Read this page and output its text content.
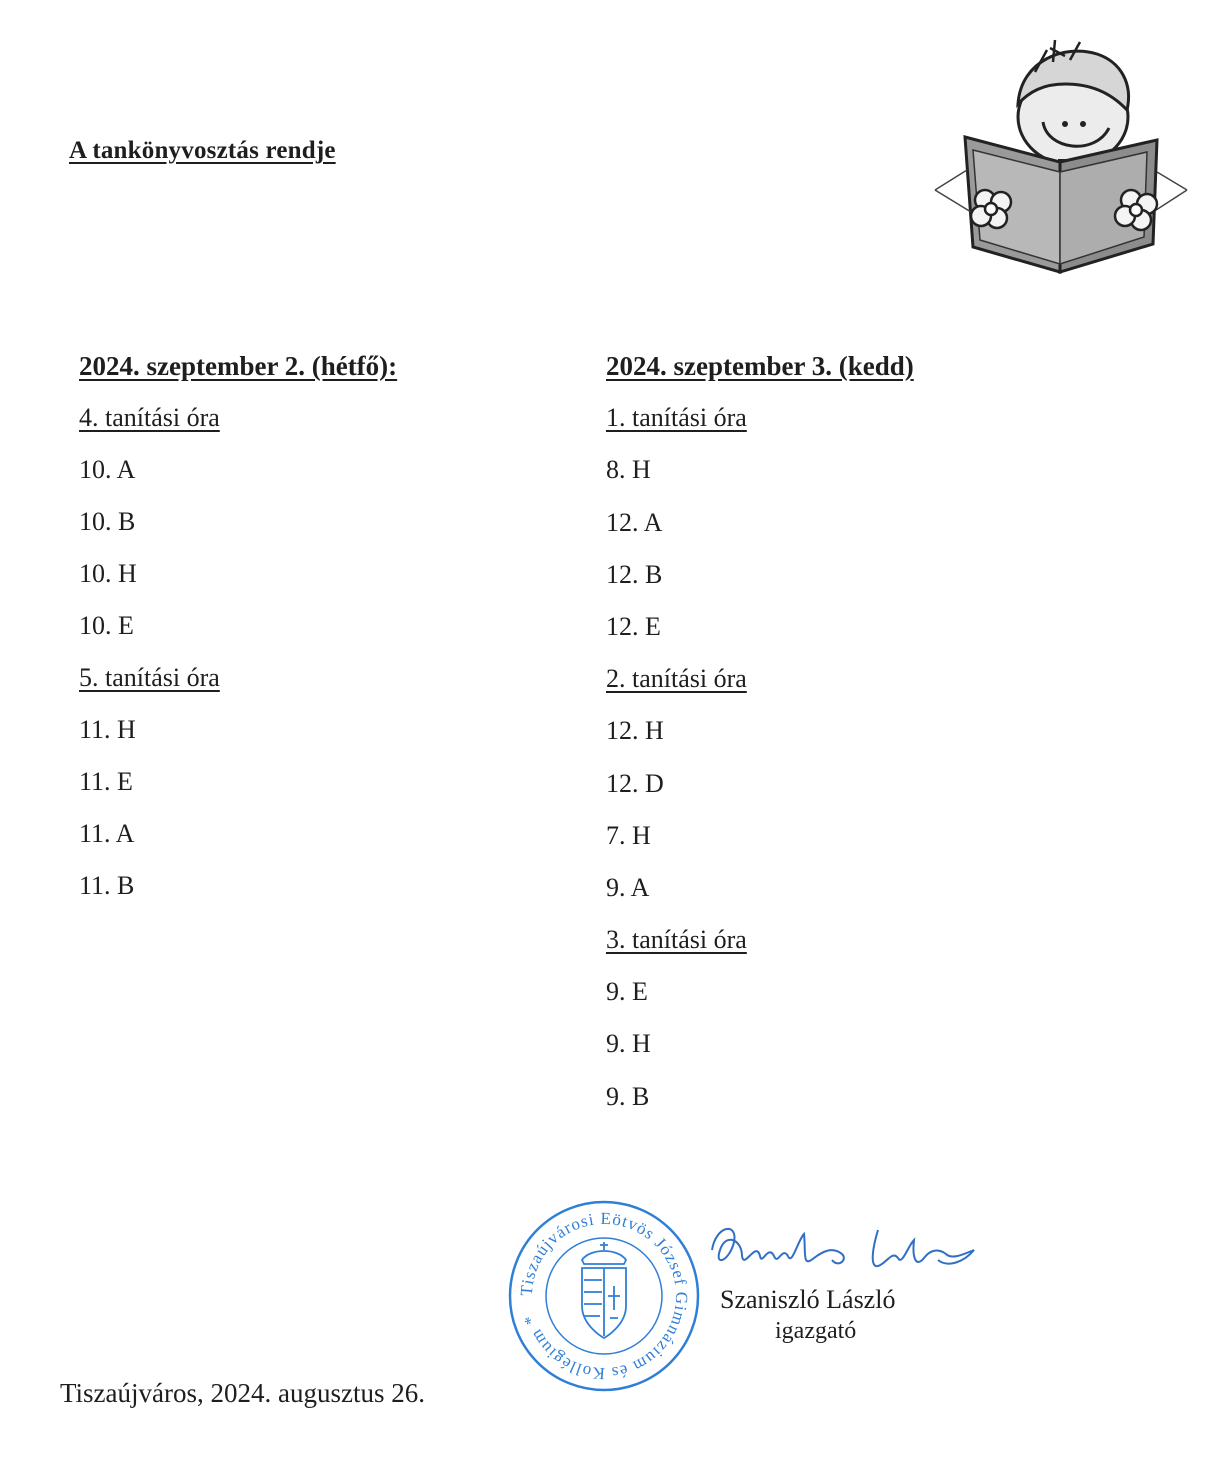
A tankönyvosztás rendje
2024. szeptember 2. (hétfő):
4. tanítási óra
10. A
10. B
10. H
10. E
5. tanítási óra
11. H
11. E
11. A
11. B
2024. szeptember 3. (kedd)
1. tanítási óra
8. H
12. A
12. B
12. E
2. tanítási óra
12. H
12. D
7. H
9. A
3. tanítási óra
9. E
9. H
9. B
Tiszaújvárosi Eötvös József Gimnázium és Kollégium *
Szaniszló László
igazgató
Tiszaújváros, 2024. augusztus 26.
